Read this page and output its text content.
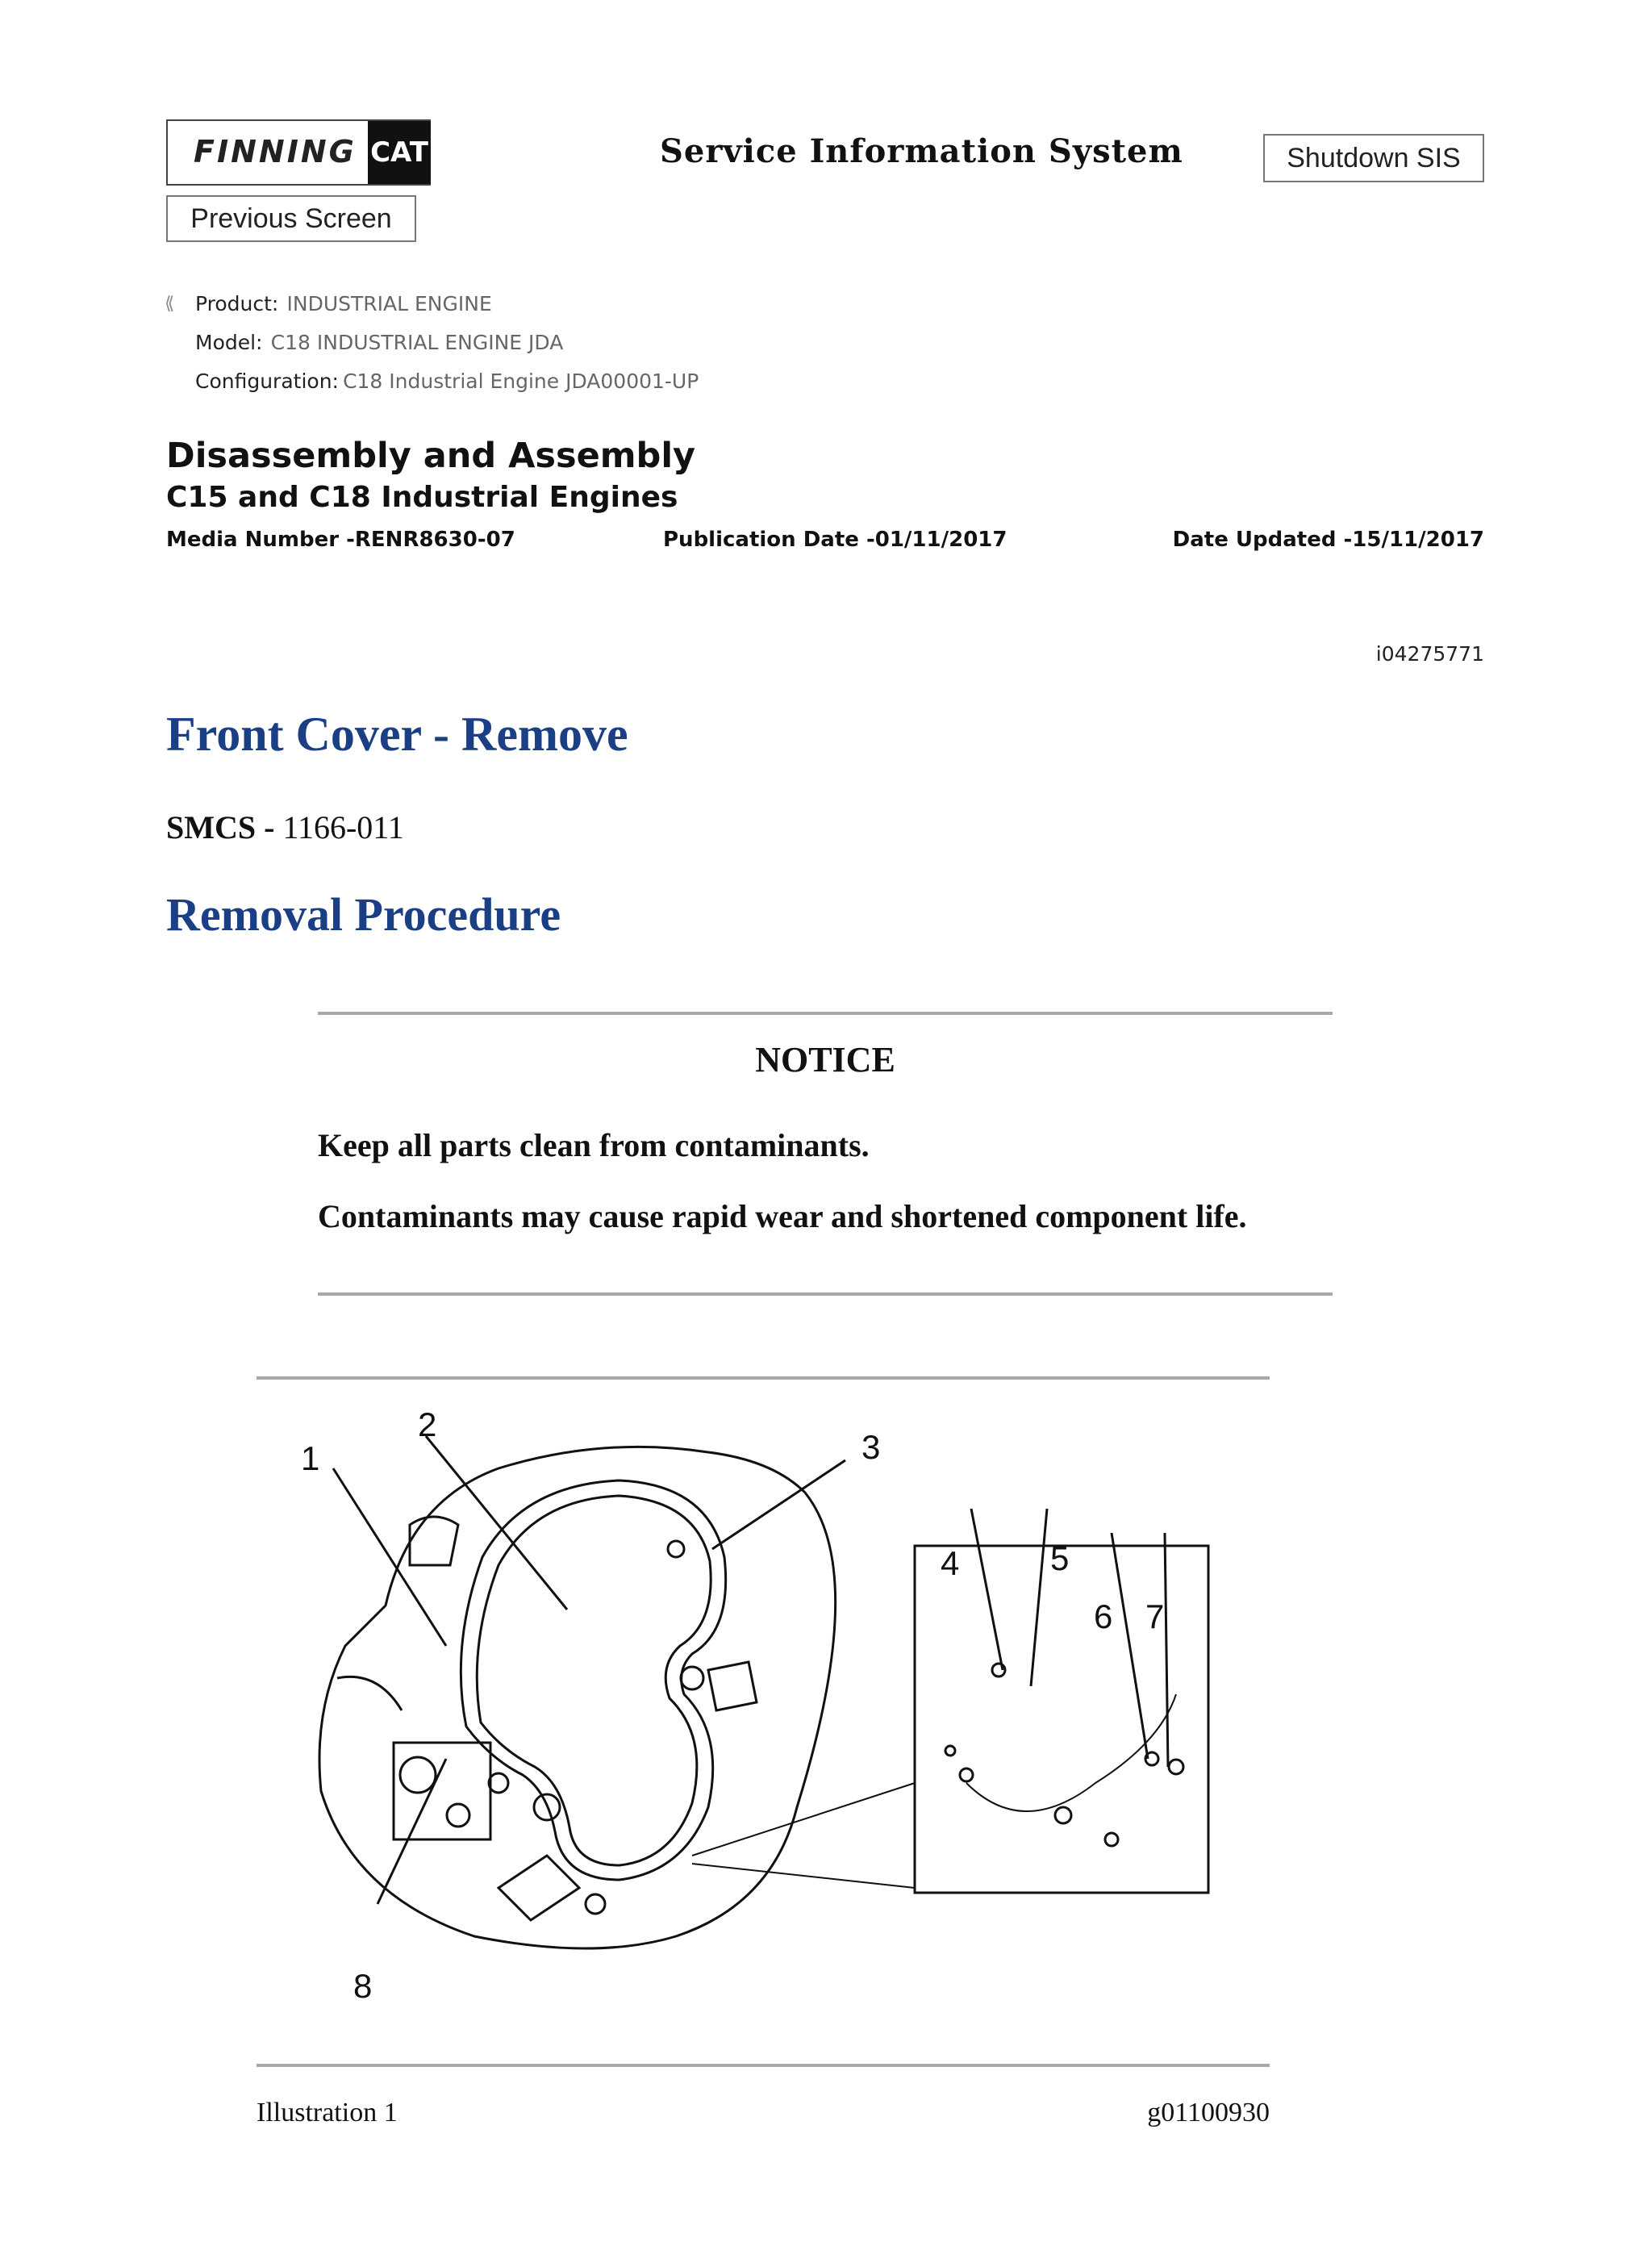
FINNING CAT	Service Information System	Shutdown SIS
Previous Screen
⟪ Product: INDUSTRIAL ENGINE
Model: C18 INDUSTRIAL ENGINE JDA
Configuration: C18 Industrial Engine JDA00001-UP
Disassembly and Assembly
C15 and C18 Industrial Engines
Media Number -RENR8630-07	Publication Date -01/11/2017	Date Updated -15/11/2017
i04275771
Front Cover - Remove
SMCS - 1166-011
Removal Procedure
NOTICE
Keep all parts clean from contaminants.
Contaminants may cause rapid wear and shortened component life.
1
2
3
4	5
6 7
8
Illustration 1	g01100930
